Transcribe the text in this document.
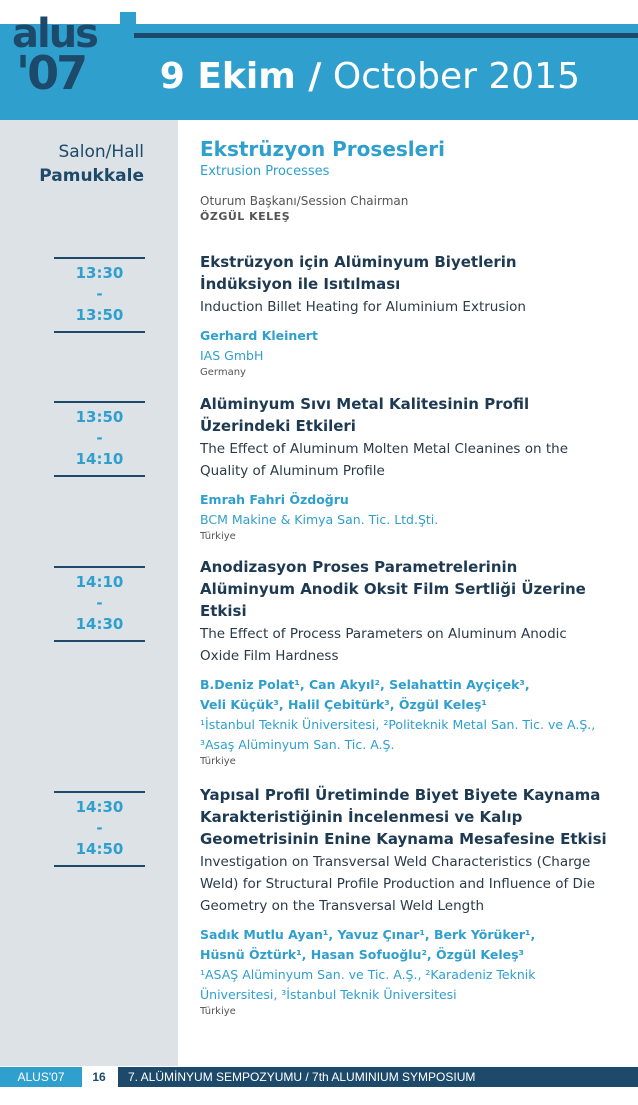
alus
'07 9 Ekim / October 2015
Salon/Hall
Pamukkale
Ekstrüzyon Prosesleri
Extrusion Processes
Oturum Başkanı/Session Chairman
ÖZGÜL KELEŞ
13:30
-
13:50
Ekstrüzyon için Alüminyum Biyetlerin İndüksiyon ile Isıtılması
Induction Billet Heating for Aluminium Extrusion
Gerhard Kleinert
IAS GmbH
Germany
13:50
-
14:10
Alüminyum Sıvı Metal Kalitesinin Profil Üzerindeki Etkileri
The Effect of Aluminum Molten Metal Cleanines on the Quality of Aluminum Profile
Emrah Fahri Özdoğru
BCM Makine & Kimya San. Tic. Ltd.Şti.
Türkiye
14:10
-
14:30
Anodizasyon Proses Parametrelerinin Alüminyum Anodik Oksit Film Sertliği Üzerine Etkisi
The Effect of Process Parameters on Aluminum Anodic Oxide Film Hardness
B.Deniz Polat¹, Can Akyıl², Selahattin Ayçiçek³,
Veli Küçük³, Halil Çebitürk³, Özgül Keleş¹
¹İstanbul Teknik Üniversitesi, ²Politeknik Metal San. Tic. ve A.Ş., ³Asaş Alüminyum San. Tic. A.Ş.
Türkiye
14:30
-
14:50
Yapısal Profil Üretiminde Biyet Biyete Kaynama Karakteristiğinin İncelenmesi ve Kalıp Geometrisinin Enine Kaynama Mesafesine Etkisi
Investigation on Transversal Weld Characteristics (Charge Weld) for Structural Profile Production and Influence of Die Geometry on the Transversal Weld Length
Sadık Mutlu Ayan¹, Yavuz Çınar¹, Berk Yörüker¹,
Hüsnü Öztürk¹, Hasan Sofuoğlu², Özgül Keleş³
¹ASAŞ Alüminyum San. ve Tic. A.Ş., ²Karadeniz Teknik Üniversitesi, ³İstanbul Teknik Üniversitesi
Türkiye
ALUS'07	16	7. ALÜMİNYUM SEMPOZYUMU / 7th ALUMINIUM SYMPOSIUM
